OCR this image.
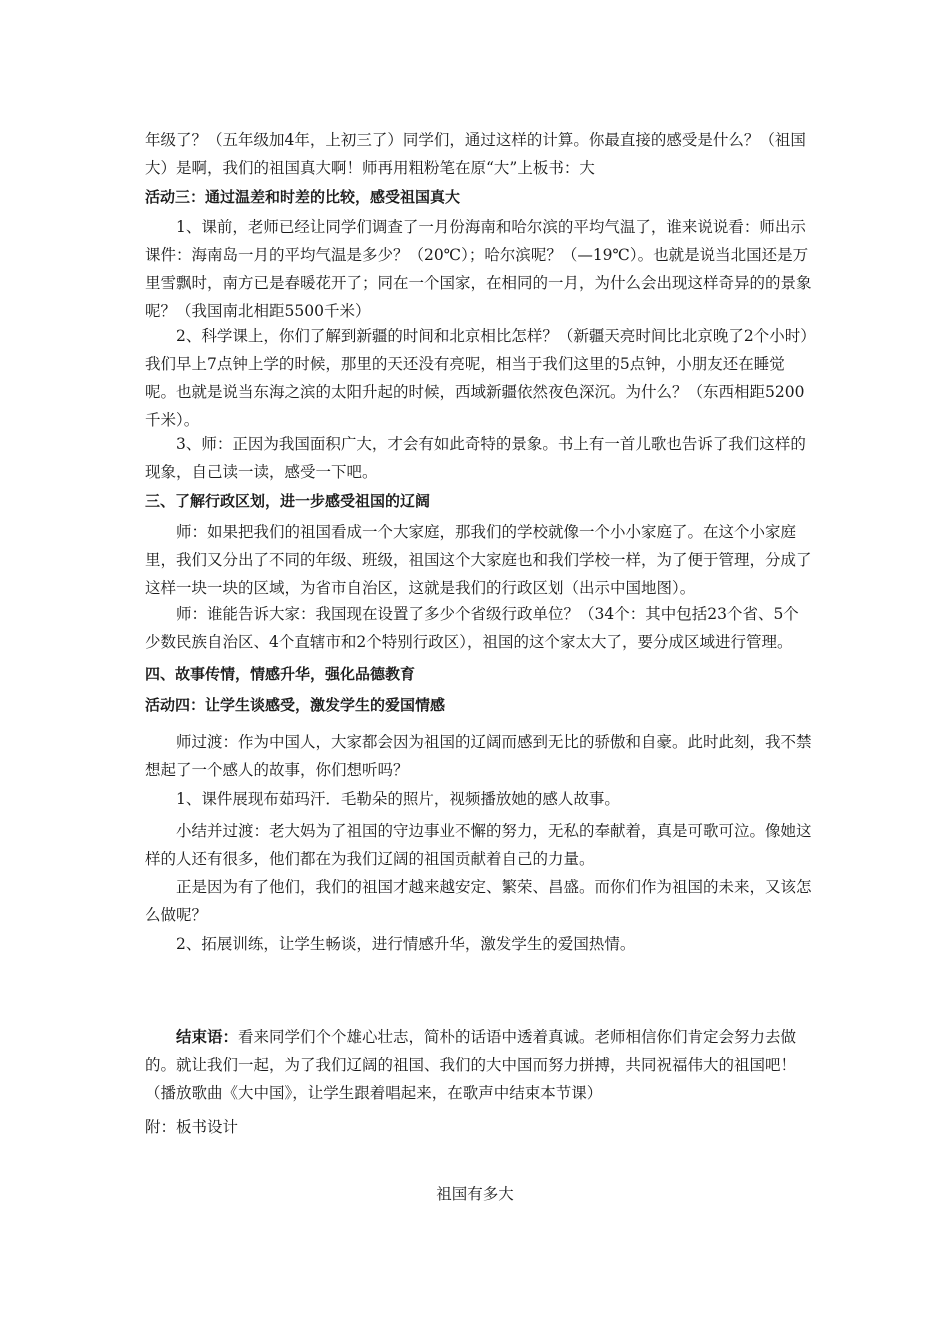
年级了？（五年级加4年，上初三了）同学们，通过这样的计算。你最直接的感受是什么？（祖国大）是啊，我们的祖国真大啊！师再用粗粉笔在原“大”上板书：大

活动三：通过温差和时差的比较，感受祖国真大

1、课前，老师已经让同学们调查了一月份海南和哈尔滨的平均气温了，谁来说说看：师出示课件：海南岛一月的平均气温是多少？（20℃）；哈尔滨呢？（—19℃）。也就是说当北国还是万里雪飘时，南方已是春暖花开了；同在一个国家，在相同的一月，为什么会出现这样奇异的的景象呢？（我国南北相距5500千米）

2、科学课上，你们了解到新疆的时间和北京相比怎样？（新疆天亮时间比北京晚了2个小时）我们早上7点钟上学的时候，那里的天还没有亮呢，相当于我们这里的5点钟，小朋友还在睡觉呢。也就是说当东海之滨的太阳升起的时候，西域新疆依然夜色深沉。为什么？（东西相距5200千米）。

3、师：正因为我国面积广大，才会有如此奇特的景象。书上有一首儿歌也告诉了我们这样的现象，自己读一读，感受一下吧。

三、了解行政区划，进一步感受祖国的辽阔

师：如果把我们的祖国看成一个大家庭，那我们的学校就像一个小小家庭了。在这个小家庭里，我们又分出了不同的年级、班级，祖国这个大家庭也和我们学校一样，为了便于管理，分成了这样一块一块的区域，为省市自治区，这就是我们的行政区划（出示中国地图）。

师：谁能告诉大家：我国现在设置了多少个省级行政单位？（34个：其中包括23个省、5个少数民族自治区、4个直辖市和2个特别行政区），祖国的这个家太大了，要分成区域进行管理。

四、故事传情，情感升华，强化品德教育

活动四：让学生谈感受，激发学生的爱国情感

师过渡：作为中国人，大家都会因为祖国的辽阔而感到无比的骄傲和自豪。此时此刻，我不禁想起了一个感人的故事，你们想听吗？

1、课件展现布茹玛汗．毛勒朵的照片，视频播放她的感人故事。

小结并过渡：老大妈为了祖国的守边事业不懈的努力，无私的奉献着，真是可歌可泣。像她这样的人还有很多，他们都在为我们辽阔的祖国贡献着自己的力量。

正是因为有了他们，我们的祖国才越来越安定、繁荣、昌盛。而你们作为祖国的未来，又该怎么做呢？

2、拓展训练，让学生畅谈，进行情感升华，激发学生的爱国热情。

结束语：看来同学们个个雄心壮志，简朴的话语中透着真诚。老师相信你们肯定会努力去做的。就让我们一起，为了我们辽阔的祖国、我们的大中国而努力拼搏，共同祝福伟大的祖国吧！（播放歌曲《大中国》，让学生跟着唱起来，在歌声中结束本节课）

附：板书设计

祖国有多大
